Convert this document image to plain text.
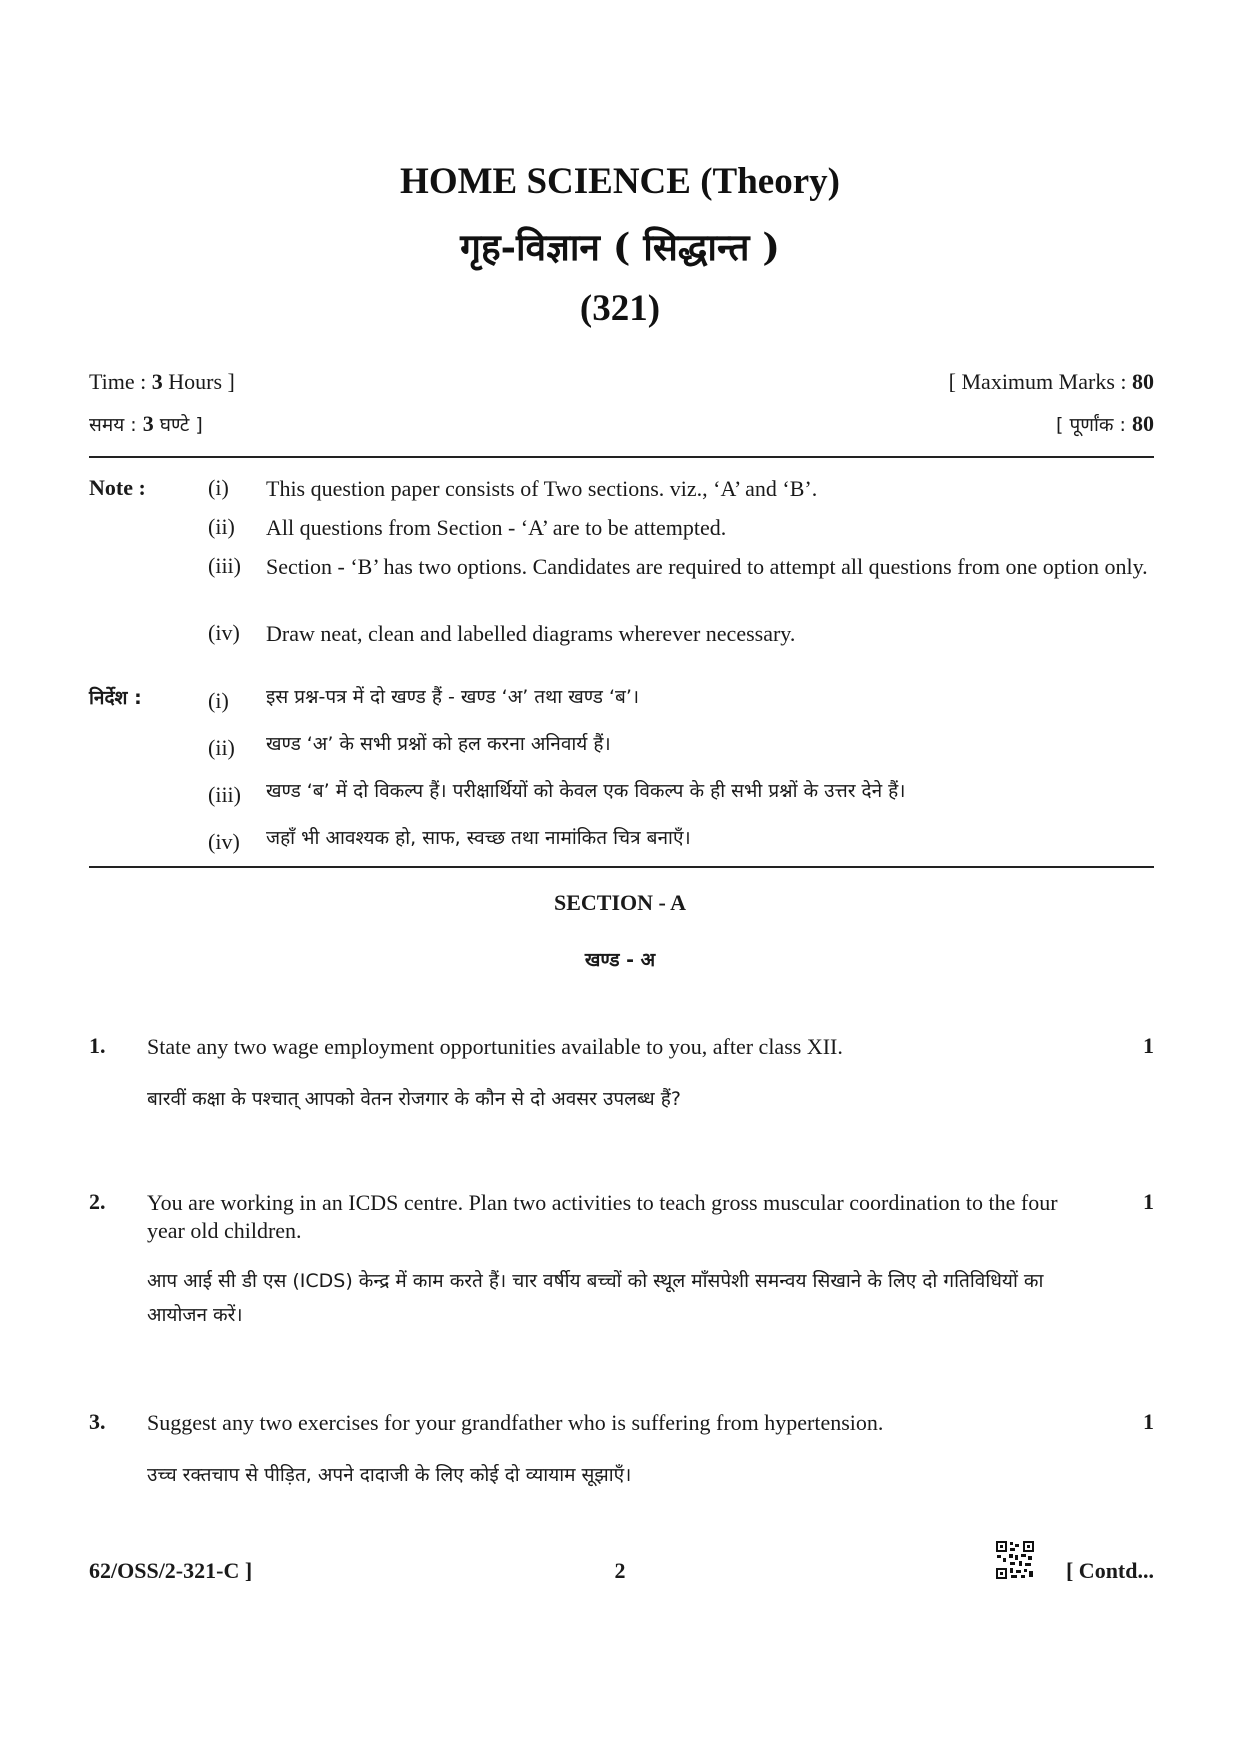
HOME SCIENCE (Theory)
गृह-विज्ञान ( सिद्धान्त )
(321)
Time : 3 Hours ]	[ Maximum Marks : 80
समय : 3 घण्टे ]	[ पूर्णांक : 80
Note :	(i) This question paper consists of Two sections. viz., ‘A’ and ‘B’.
(ii) All questions from Section - ‘A’ are to be attempted.
(iii) Section - ‘B’ has two options. Candidates are required to attempt all questions from one option only.
(iv) Draw neat, clean and labelled diagrams wherever necessary.
निर्देश :	(i) इस प्रश्न-पत्र में दो खण्ड हैं - खण्ड ‘अ’ तथा खण्ड ‘ब’।
(ii) खण्ड ‘अ’ के सभी प्रश्नों को हल करना अनिवार्य हैं।
(iii) खण्ड ‘ब’ में दो विकल्प हैं। परीक्षार्थियों को केवल एक विकल्प के ही सभी प्रश्नों के उत्तर देने हैं।
(iv) जहाँ भी आवश्यक हो, साफ, स्वच्छ तथा नामांकित चित्र बनाएँ।
SECTION - A
खण्ड - अ
1. State any two wage employment opportunities available to you, after class XII.	1
बारवीं कक्षा के पश्चात् आपको वेतन रोजगार के कौन से दो अवसर उपलब्ध हैं?
2. You are working in an ICDS centre. Plan two activities to teach gross muscular coordination to the four year old children.
1
आप आई सी डी एस (ICDS) केन्द्र में काम करते हैं। चार वर्षीय बच्चों को स्थूल माँसपेशी समन्वय सिखाने के लिए दो गतिविधियों का आयोजन करें।
3. Suggest any two exercises for your grandfather who is suffering from hypertension.	1
उच्च रक्तचाप से पीड़ित, अपने दादाजी के लिए कोई दो व्यायाम सूझाएँ।
62/OSS/2-321-C ]	2	[ Contd...
